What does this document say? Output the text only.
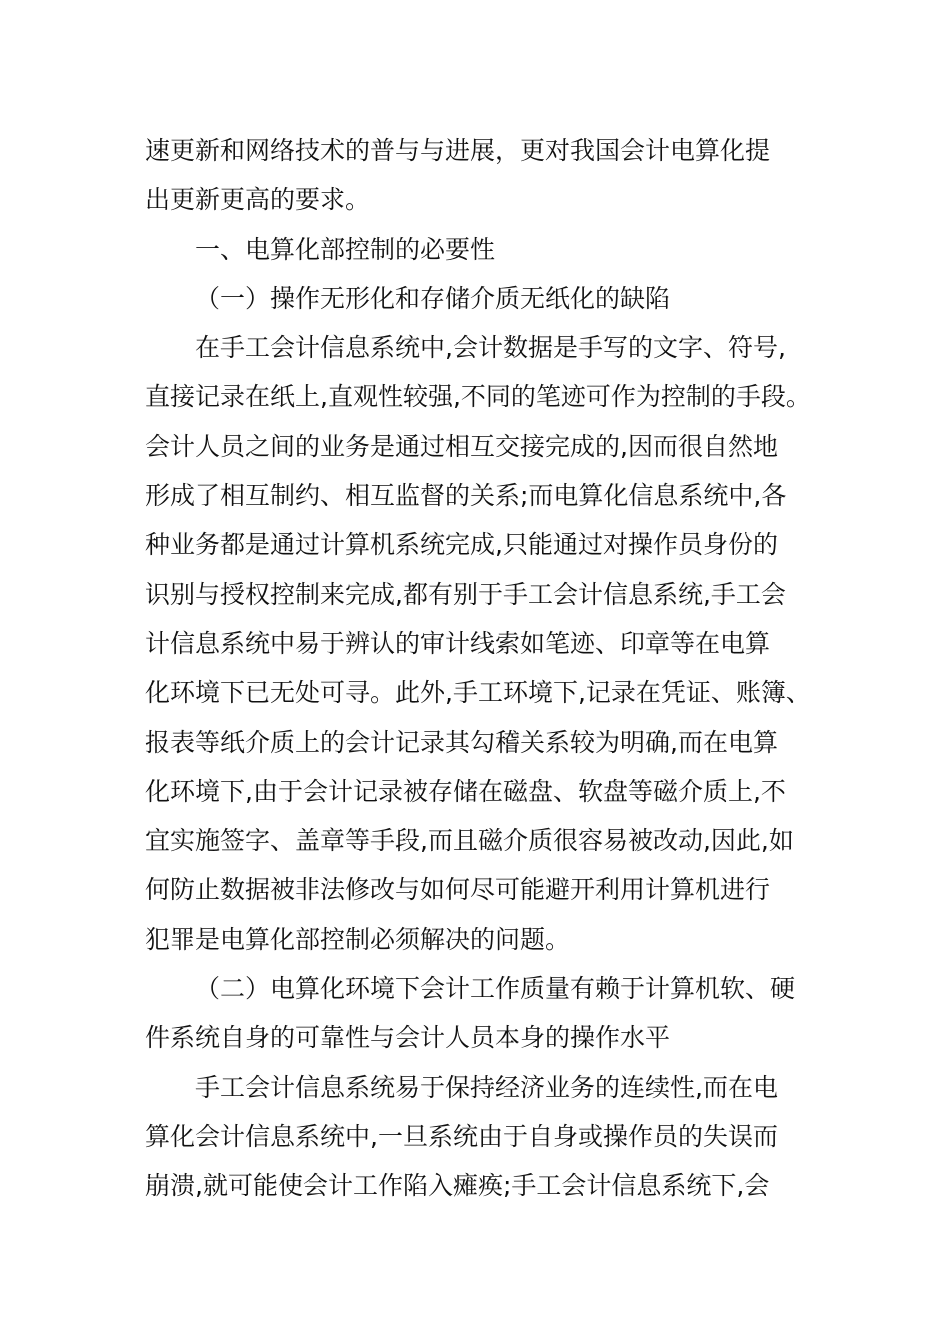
速更新和网络技术的普与与进展，更对我国会计电算化提
出更新更高的要求。
一、电算化部控制的必要性
（一）操作无形化和存储介质无纸化的缺陷
在手工会计信息系统中,会计数据是手写的文字、符号,
直接记录在纸上,直观性较强,不同的笔迹可作为控制的手段。
会计人员之间的业务是通过相互交接完成的,因而很自然地
形成了相互制约、相互监督的关系;而电算化信息系统中,各
种业务都是通过计算机系统完成,只能通过对操作员身份的
识别与授权控制来完成,都有别于手工会计信息系统,手工会
计信息系统中易于辨认的审计线索如笔迹、印章等在电算
化环境下已无处可寻。此外,手工环境下,记录在凭证、账簿、
报表等纸介质上的会计记录其勾稽关系较为明确,而在电算
化环境下,由于会计记录被存储在磁盘、软盘等磁介质上,不
宜实施签字、盖章等手段,而且磁介质很容易被改动,因此,如
何防止数据被非法修改与如何尽可能避开利用计算机进行
犯罪是电算化部控制必须解决的问题。
（二）电算化环境下会计工作质量有赖于计算机软、硬
件系统自身的可靠性与会计人员本身的操作水平
手工会计信息系统易于保持经济业务的连续性,而在电
算化会计信息系统中,一旦系统由于自身或操作员的失误而
崩溃,就可能使会计工作陷入瘫痪;手工会计信息系统下,会
